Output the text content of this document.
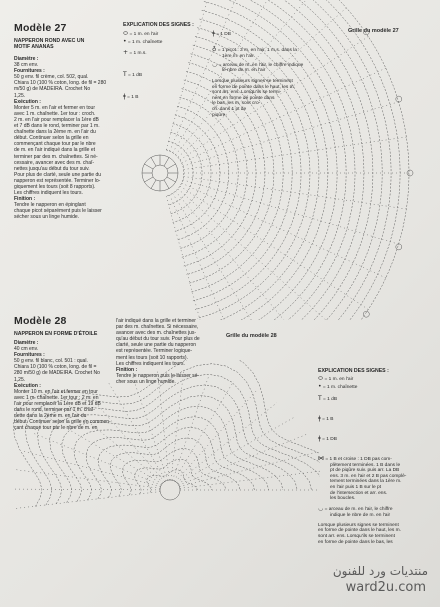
Modèle 27
NAPPERON ROND AVEC UN
MOTIF ANANAS
Diamètre :
38 cm env.
Fournitures :
50 g env. fil crème, col. 502, qual.
Chiara 10 (100 % coton, long. de fil = 280
m/50 g) de MADEIRA. Crochet No
1,25.
Exécution :
Monter 5 m. en l'air et fermer en tour
avec 1 m. chaînette. 1er tour : croch.
2 m. en l'air pour remplacer la 1ère dB
et 7 dB dans le rond, terminer par 1 m.
chaînette dans la 2ème m. en l'air du
début. Continuer selon la grille en
commençant chaque tour par le nbre
de m. en l'air indiqué dans la grille et
terminer par des m. chaînettes. Si né-
cessaire, avancer avec des m. chaî-
nettes jusqu'au début du tour suiv.
Pour plus de clarté, seule une partie du
napperon est représentée. Terminer lo-
giquement les tours (soit 8 rapports).
Les chiffres indiquent les tours.
Finition :
Tendre le napperon en épinglant
chaque picot séparément puis le laisser
sécher sous un linge humide.
EXPLICATION DES SIGNES :
⬭ = 1 m. en l'air
• = 1 m. chaînette
+ = 1 m.s.
T = 1 dB
ǂ = 1 B
ǂ = 1 DB
♁ = 1 picot : 3 m. en l'air, 1 m.s. dans la
1ère m. en l'air
◡ = arceau de m. en l'air, le chiffre indique
le nbre de m. en l'air
Lorsque plusieurs signes se terminent
en forme de pointe dans le haut, les m.
sont arr. ens. Lorsqu'ils se termi-
nent en forme de pointe dans
le bas, les m. sont cro-
ch. dans 1 pt de
piqûre.
Grille du modèle 27
Modèle 28
NAPPERON EN FORME D'ÉTOILE
Diamètre :
40 cm env.
Fournitures :
50 g env. fil blanc, col. 501 : qual.
Chiara 10 (100 % coton, long. de fil =
280 m/50 g) de MADEIRA. Crochet No
1,25.
Exécution :
Monter 10 m. en l'air et fermer en tour
avec 1 m. chaînette. 1er tour : 2 m. en
l'air pour remplacer la 1ère dB et 19 dB
dans le rond, terminer par 1 m. chaî-
nette dans la 2ème m. en l'air du
début. Continuer selon la grille en commen-
çant chaque tour par le nbre de m. en
l'air indiqué dans la grille et terminer
par des m. chaînettes. Si nécessaire,
avancer avec des m. chaînettes jus-
qu'au début du tour suiv. Pour plus de
clarté, seule une partie du napperon
est représentée. Terminer logique-
ment les tours (soit 10 rapports).
Les chiffres indiquent les tours.
Finition :
Tendre le napperon puis le laisser sé-
cher sous un linge humide.
Grille du modèle 28
EXPLICATION DES SIGNES :
⬭ = 1 m. en l'air
• = 1 m. chaînette
T = 1 dB
ǂ = 1 B
ǂ = 1 DB
⋈ = 1 B et croise : 1 DB pas com-
plètement terminées. 1 B dans le
pt de piqûre suiv. puis arr. La DB
ens. 3 m. en l'air et 2 B pas complè-
tement terminées dans la 1ère m.
en l'air puis 1 B sur le pt
de l'intersection et arr. ens.
les boucles.
◡ = arceau de m. en l'air, le chiffre
indique le nbre de m. en l'air
Lorsque plusieurs signes se terminent
en forme de pointe dans le haut, les m.
sont arr. ens. Lorsqu'ils se terminent
en forme de pointe dans le bas, les
منتديات ورد للفنون
ward2u.com
